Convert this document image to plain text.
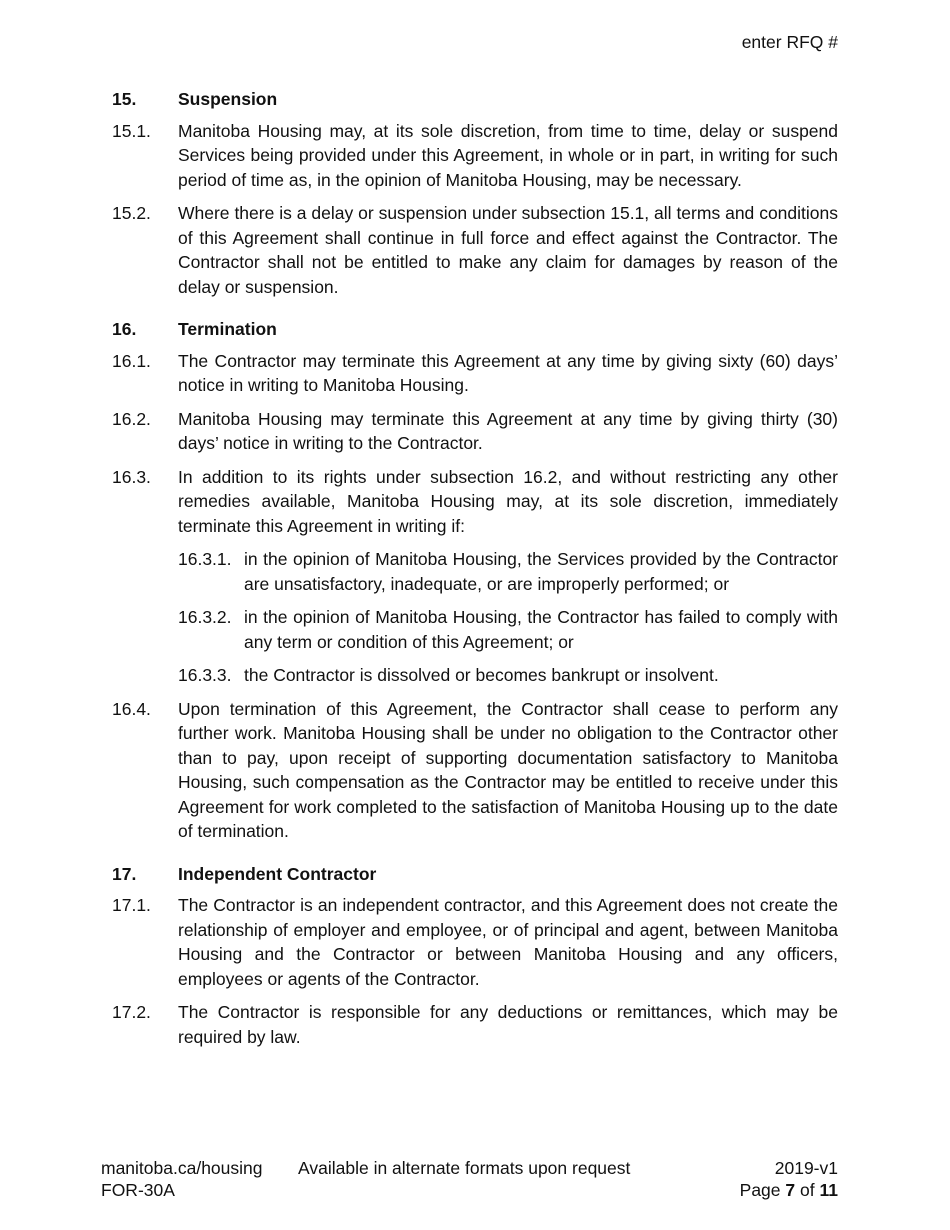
enter RFQ #
15.	Suspension
15.1.	Manitoba Housing may, at its sole discretion, from time to time, delay or suspend Services being provided under this Agreement, in whole or in part, in writing for such period of time as, in the opinion of Manitoba Housing, may be necessary.
15.2.	Where there is a delay or suspension under subsection 15.1, all terms and conditions of this Agreement shall continue in full force and effect against the Contractor. The Contractor shall not be entitled to make any claim for damages by reason of the delay or suspension.
16.	Termination
16.1.	The Contractor may terminate this Agreement at any time by giving sixty (60) days’ notice in writing to Manitoba Housing.
16.2.	Manitoba Housing may terminate this Agreement at any time by giving thirty (30) days’ notice in writing to the Contractor.
16.3.	In addition to its rights under subsection 16.2, and without restricting any other remedies available, Manitoba Housing may, at its sole discretion, immediately terminate this Agreement in writing if:
16.3.1. in the opinion of Manitoba Housing, the Services provided by the Contractor are unsatisfactory, inadequate, or are improperly performed; or
16.3.2. in the opinion of Manitoba Housing, the Contractor has failed to comply with any term or condition of this Agreement; or
16.3.3. the Contractor is dissolved or becomes bankrupt or insolvent.
16.4.	Upon termination of this Agreement, the Contractor shall cease to perform any further work. Manitoba Housing shall be under no obligation to the Contractor other than to pay, upon receipt of supporting documentation satisfactory to Manitoba Housing, such compensation as the Contractor may be entitled to receive under this Agreement for work completed to the satisfaction of Manitoba Housing up to the date of termination.
17.	Independent Contractor
17.1.	The Contractor is an independent contractor, and this Agreement does not create the relationship of employer and employee, or of principal and agent, between Manitoba Housing and the Contractor or between Manitoba Housing and any officers, employees or agents of the Contractor.
17.2.	The Contractor is responsible for any deductions or remittances, which may be required by law.
manitoba.ca/housing Available in alternate formats upon request	2019-v1
FOR-30A	Page 7 of 11
